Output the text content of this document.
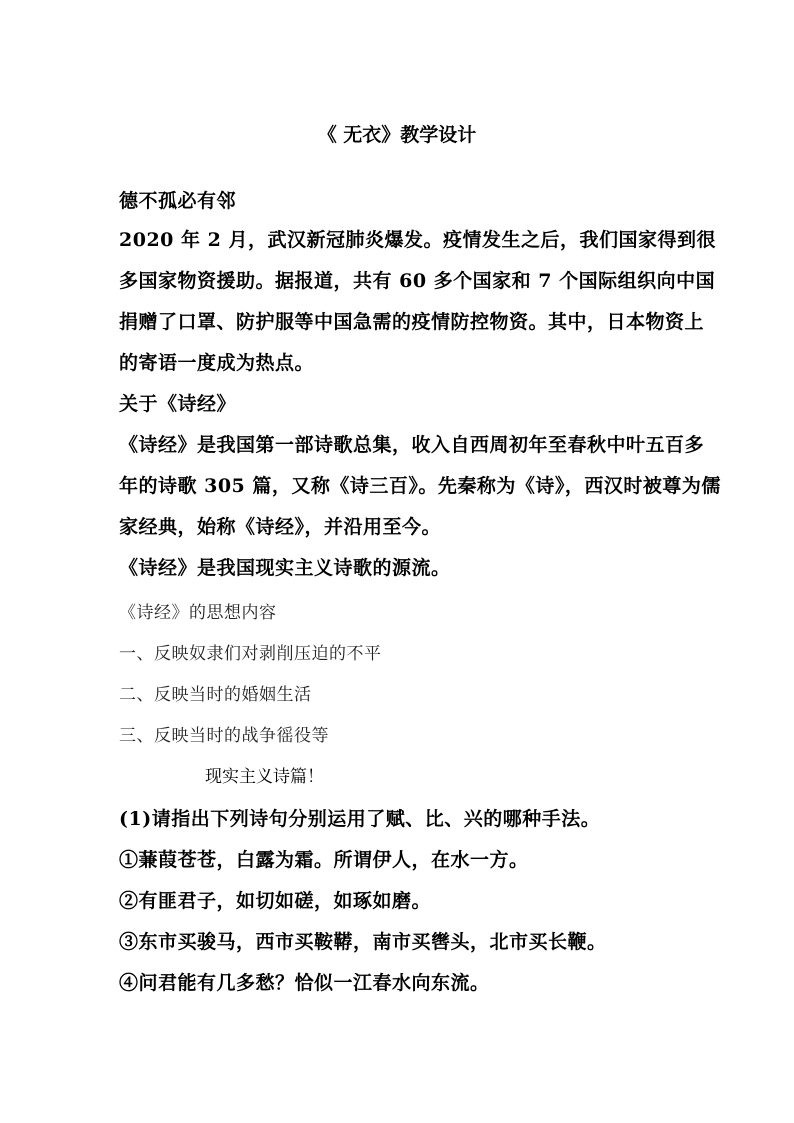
《 无衣》教学设计
德不孤必有邻
2020 年 2 月，武汉新冠肺炎爆发。疫情发生之后，我们国家得到很
多国家物资援助。据报道，共有 60 多个国家和 7 个国际组织向中国
捐赠了口罩、防护服等中国急需的疫情防控物资。其中，日本物资上
的寄语一度成为热点。
关于《诗经》
《诗经》是我国第一部诗歌总集，收入自西周初年至春秋中叶五百多
年的诗歌 305 篇，又称《诗三百》。先秦称为《诗》，西汉时被尊为儒
家经典，始称《诗经》，并沿用至今。
《诗经》是我国现实主义诗歌的源流。
《诗经》的思想内容
一、反映奴隶们对剥削压迫的不平
二、反映当时的婚姻生活
三、反映当时的战争徭役等
现实主义诗篇！
(1)请指出下列诗句分别运用了赋、比、兴的哪种手法。
①蒹葭苍苍，白露为霜。所谓伊人，在水一方。
②有匪君子，如切如磋，如琢如磨。
③东市买骏马，西市买鞍鞯，南市买辔头，北市买长鞭。
④问君能有几多愁？恰似一江春水向东流。
